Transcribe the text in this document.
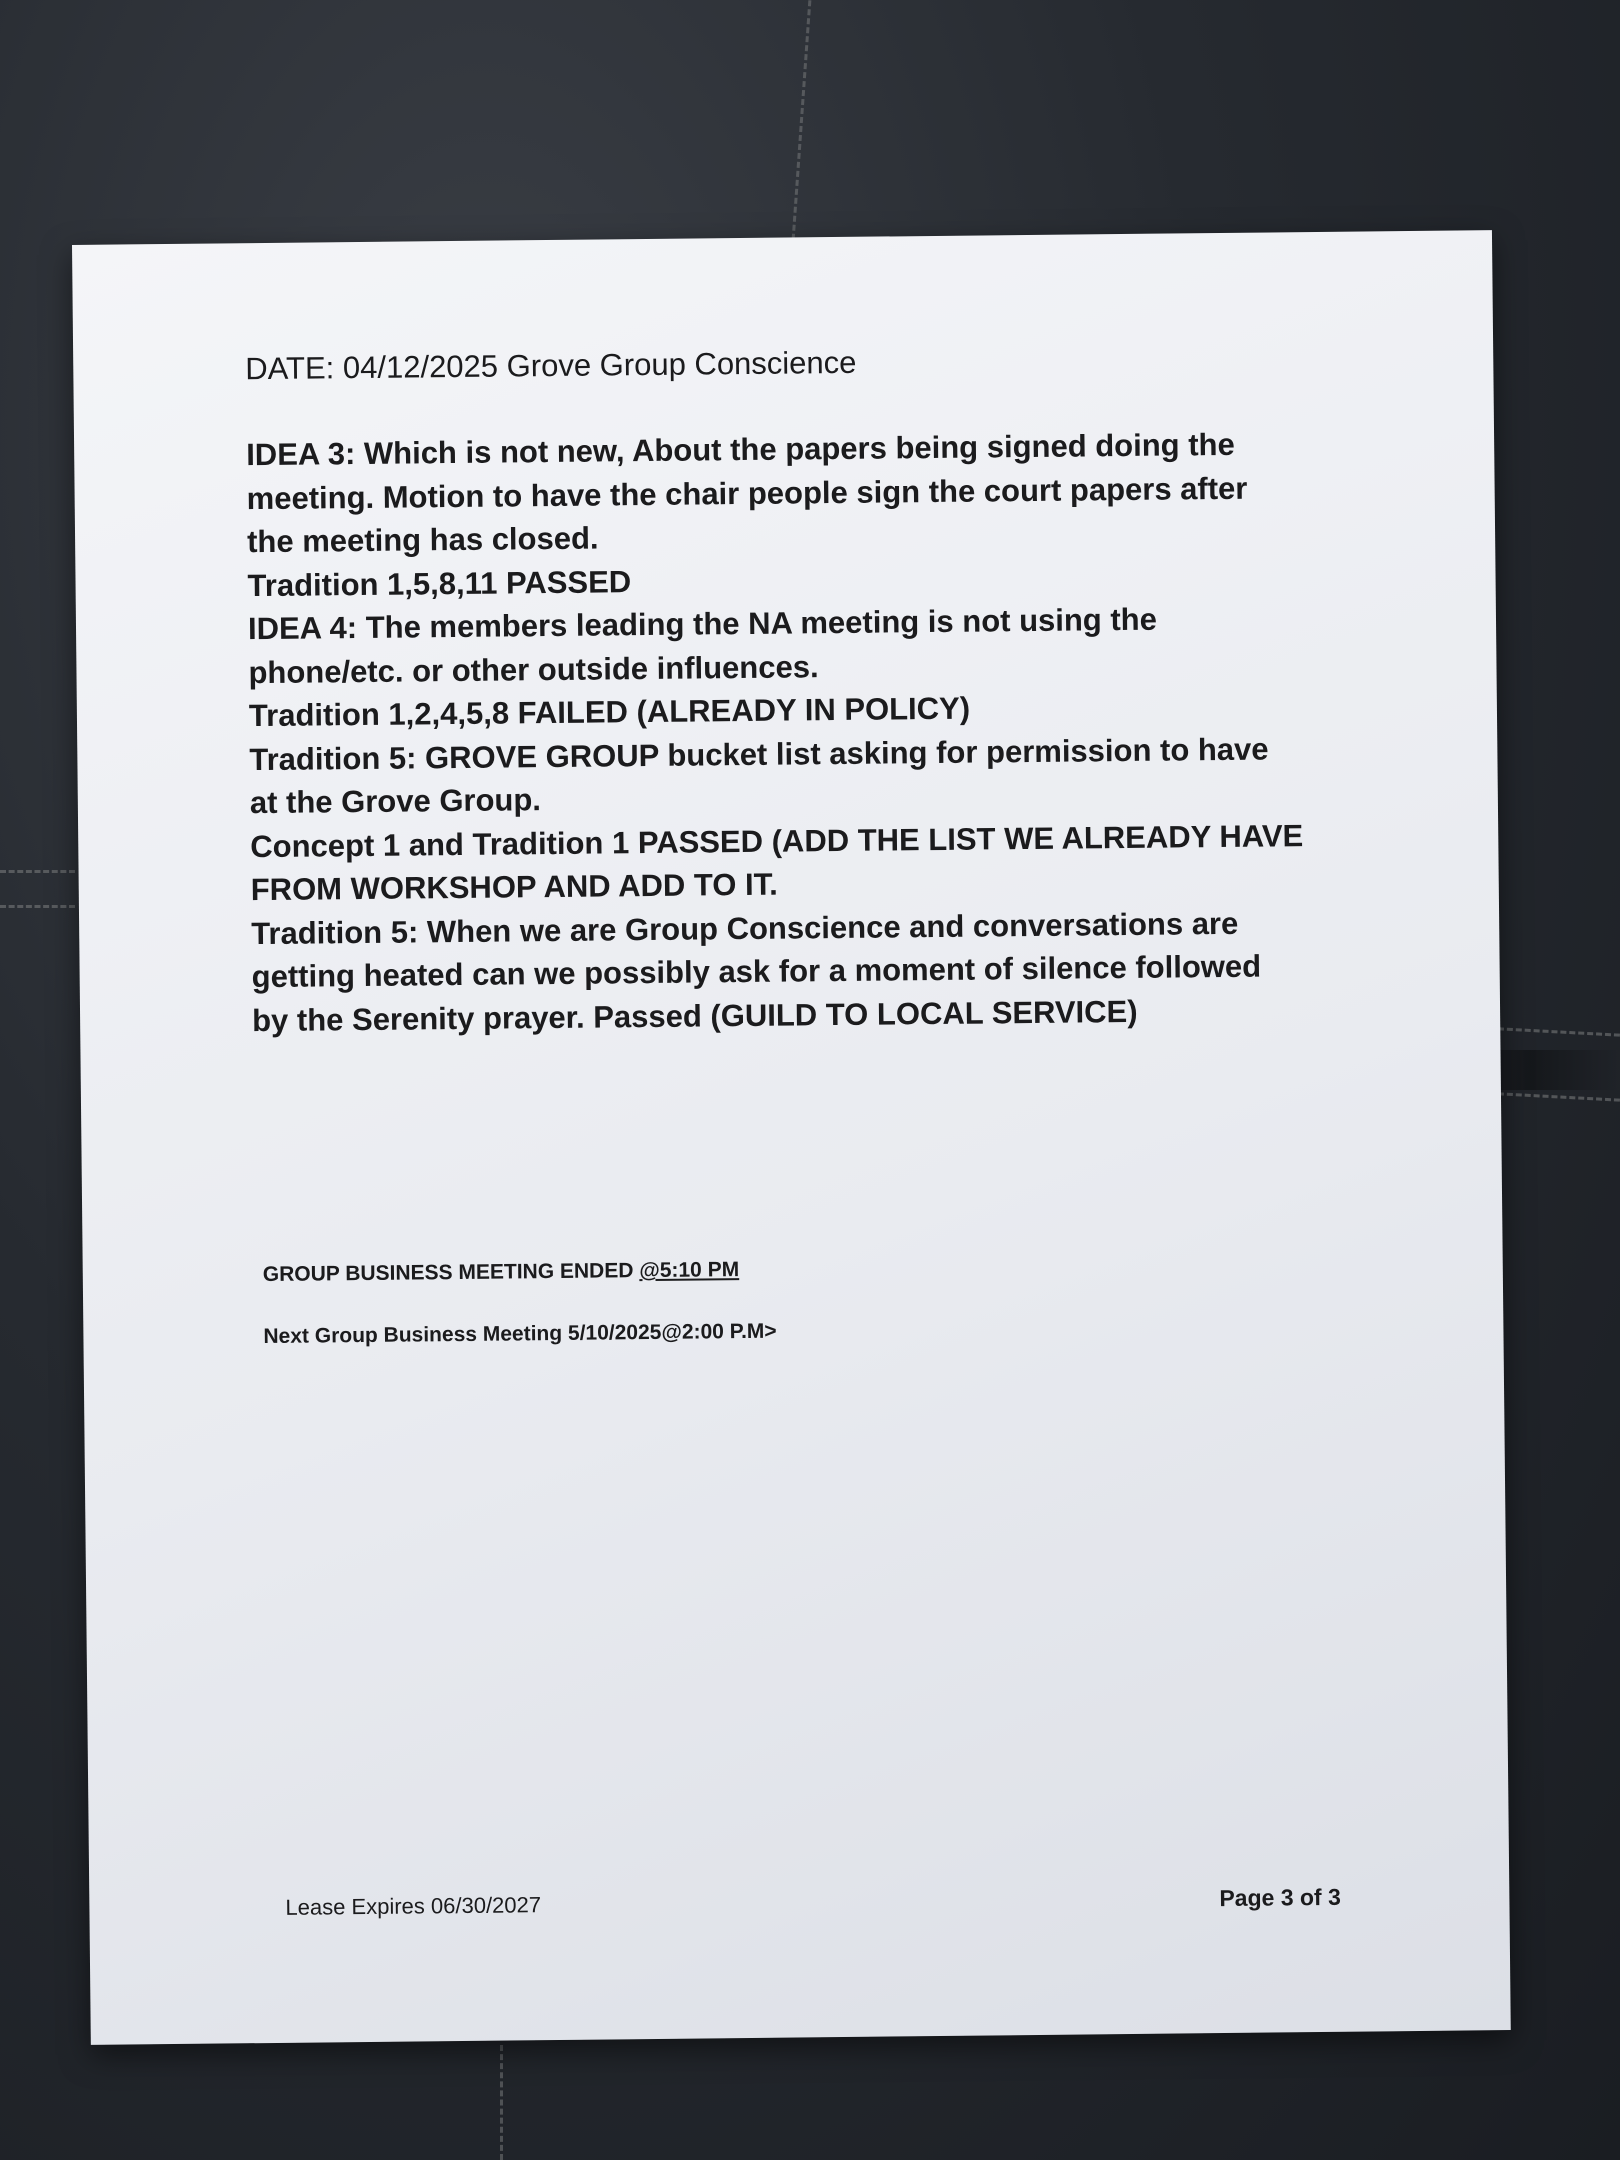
DATE: 04/12/2025 Grove Group Conscience

IDEA 3: Which is not new, About the papers being signed doing the

meeting. Motion to have the chair people sign the court papers after

the meeting has closed.

Tradition 1,5,8,11 PASSED

IDEA 4: The members leading the NA meeting is not using the

phone/etc. or other outside influences.

Tradition 1,2,4,5,8 FAILED (ALREADY IN POLICY)

Tradition 5: GROVE GROUP bucket list asking for permission to have

at the Grove Group.

Concept 1 and Tradition 1 PASSED (ADD THE LIST WE ALREADY HAVE

FROM WORKSHOP AND ADD TO IT.

Tradition 5: When we are Group Conscience and conversations are

getting heated can we possibly ask for a moment of silence followed

by the Serenity prayer. Passed (GUILD TO LOCAL SERVICE)

GROUP BUSINESS MEETING ENDED @5:10 PM

Next Group Business Meeting 5/10/2025@2:00 P.M>

Lease Expires 06/30/2027	Page 3 of 3
